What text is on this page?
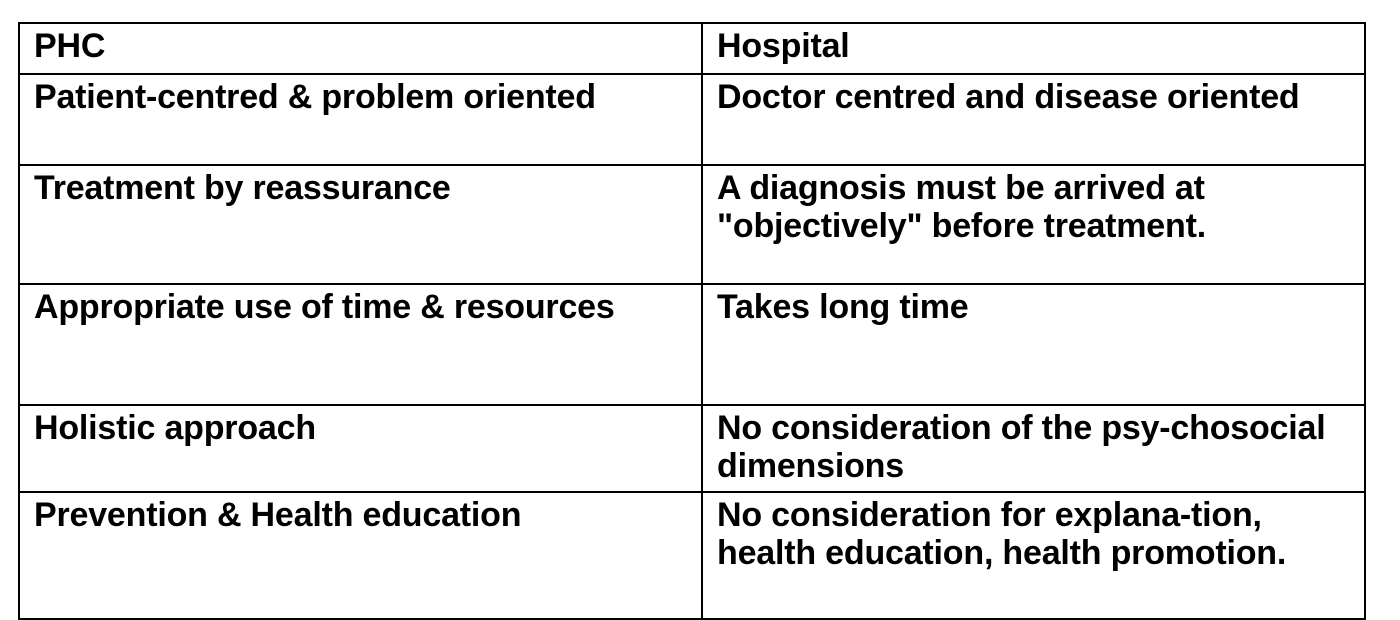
PHC	Hospital

Patient-centred & problem oriented	Doctor centred and disease oriented

Treatment by reassurance	A diagnosis must be arrived at "objectively" before treatment.

Appropriate use of time & resources	Takes long time

Holistic approach	No consideration of the psy-chosocial dimensions

Prevention & Health education	No consideration for explana-tion, health education, health promotion.
